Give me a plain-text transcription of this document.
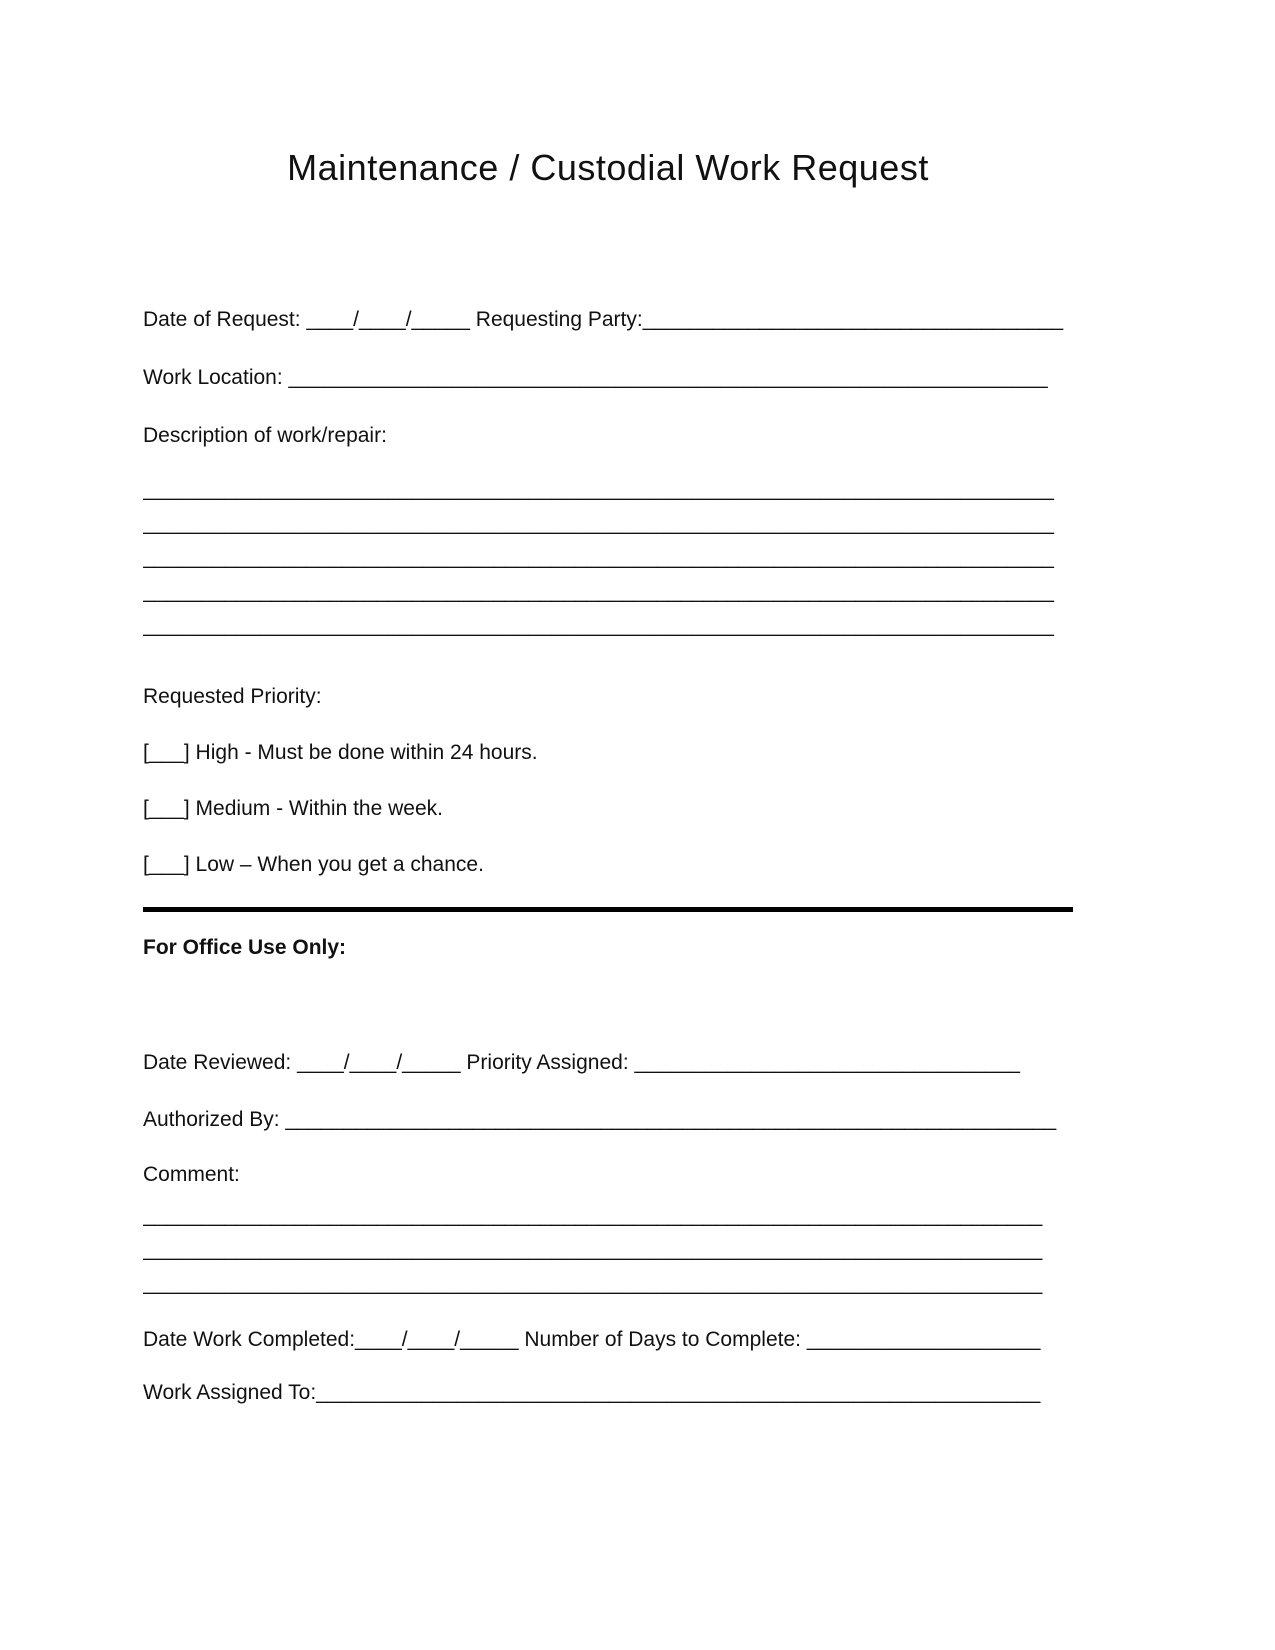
Maintenance / Custodial Work Request
Date of Request: ____/____/_____ Requesting Party:____________________________________
Work Location: _________________________________________________________________
Description of work/repair:
______________________________________________________________________________
______________________________________________________________________________
______________________________________________________________________________
______________________________________________________________________________
______________________________________________________________________________
Requested Priority:
[___] High - Must be done within 24 hours.
[___] Medium - Within the week.
[___] Low – When you get a chance.
For Office Use Only:
Date Reviewed: ____/____/_____ Priority Assigned: _________________________________
Authorized By: __________________________________________________________________
Comment:
_____________________________________________________________________________
_____________________________________________________________________________
_____________________________________________________________________________
Date Work Completed:____/____/_____ Number of Days to Complete: ____________________
Work Assigned To:______________________________________________________________
